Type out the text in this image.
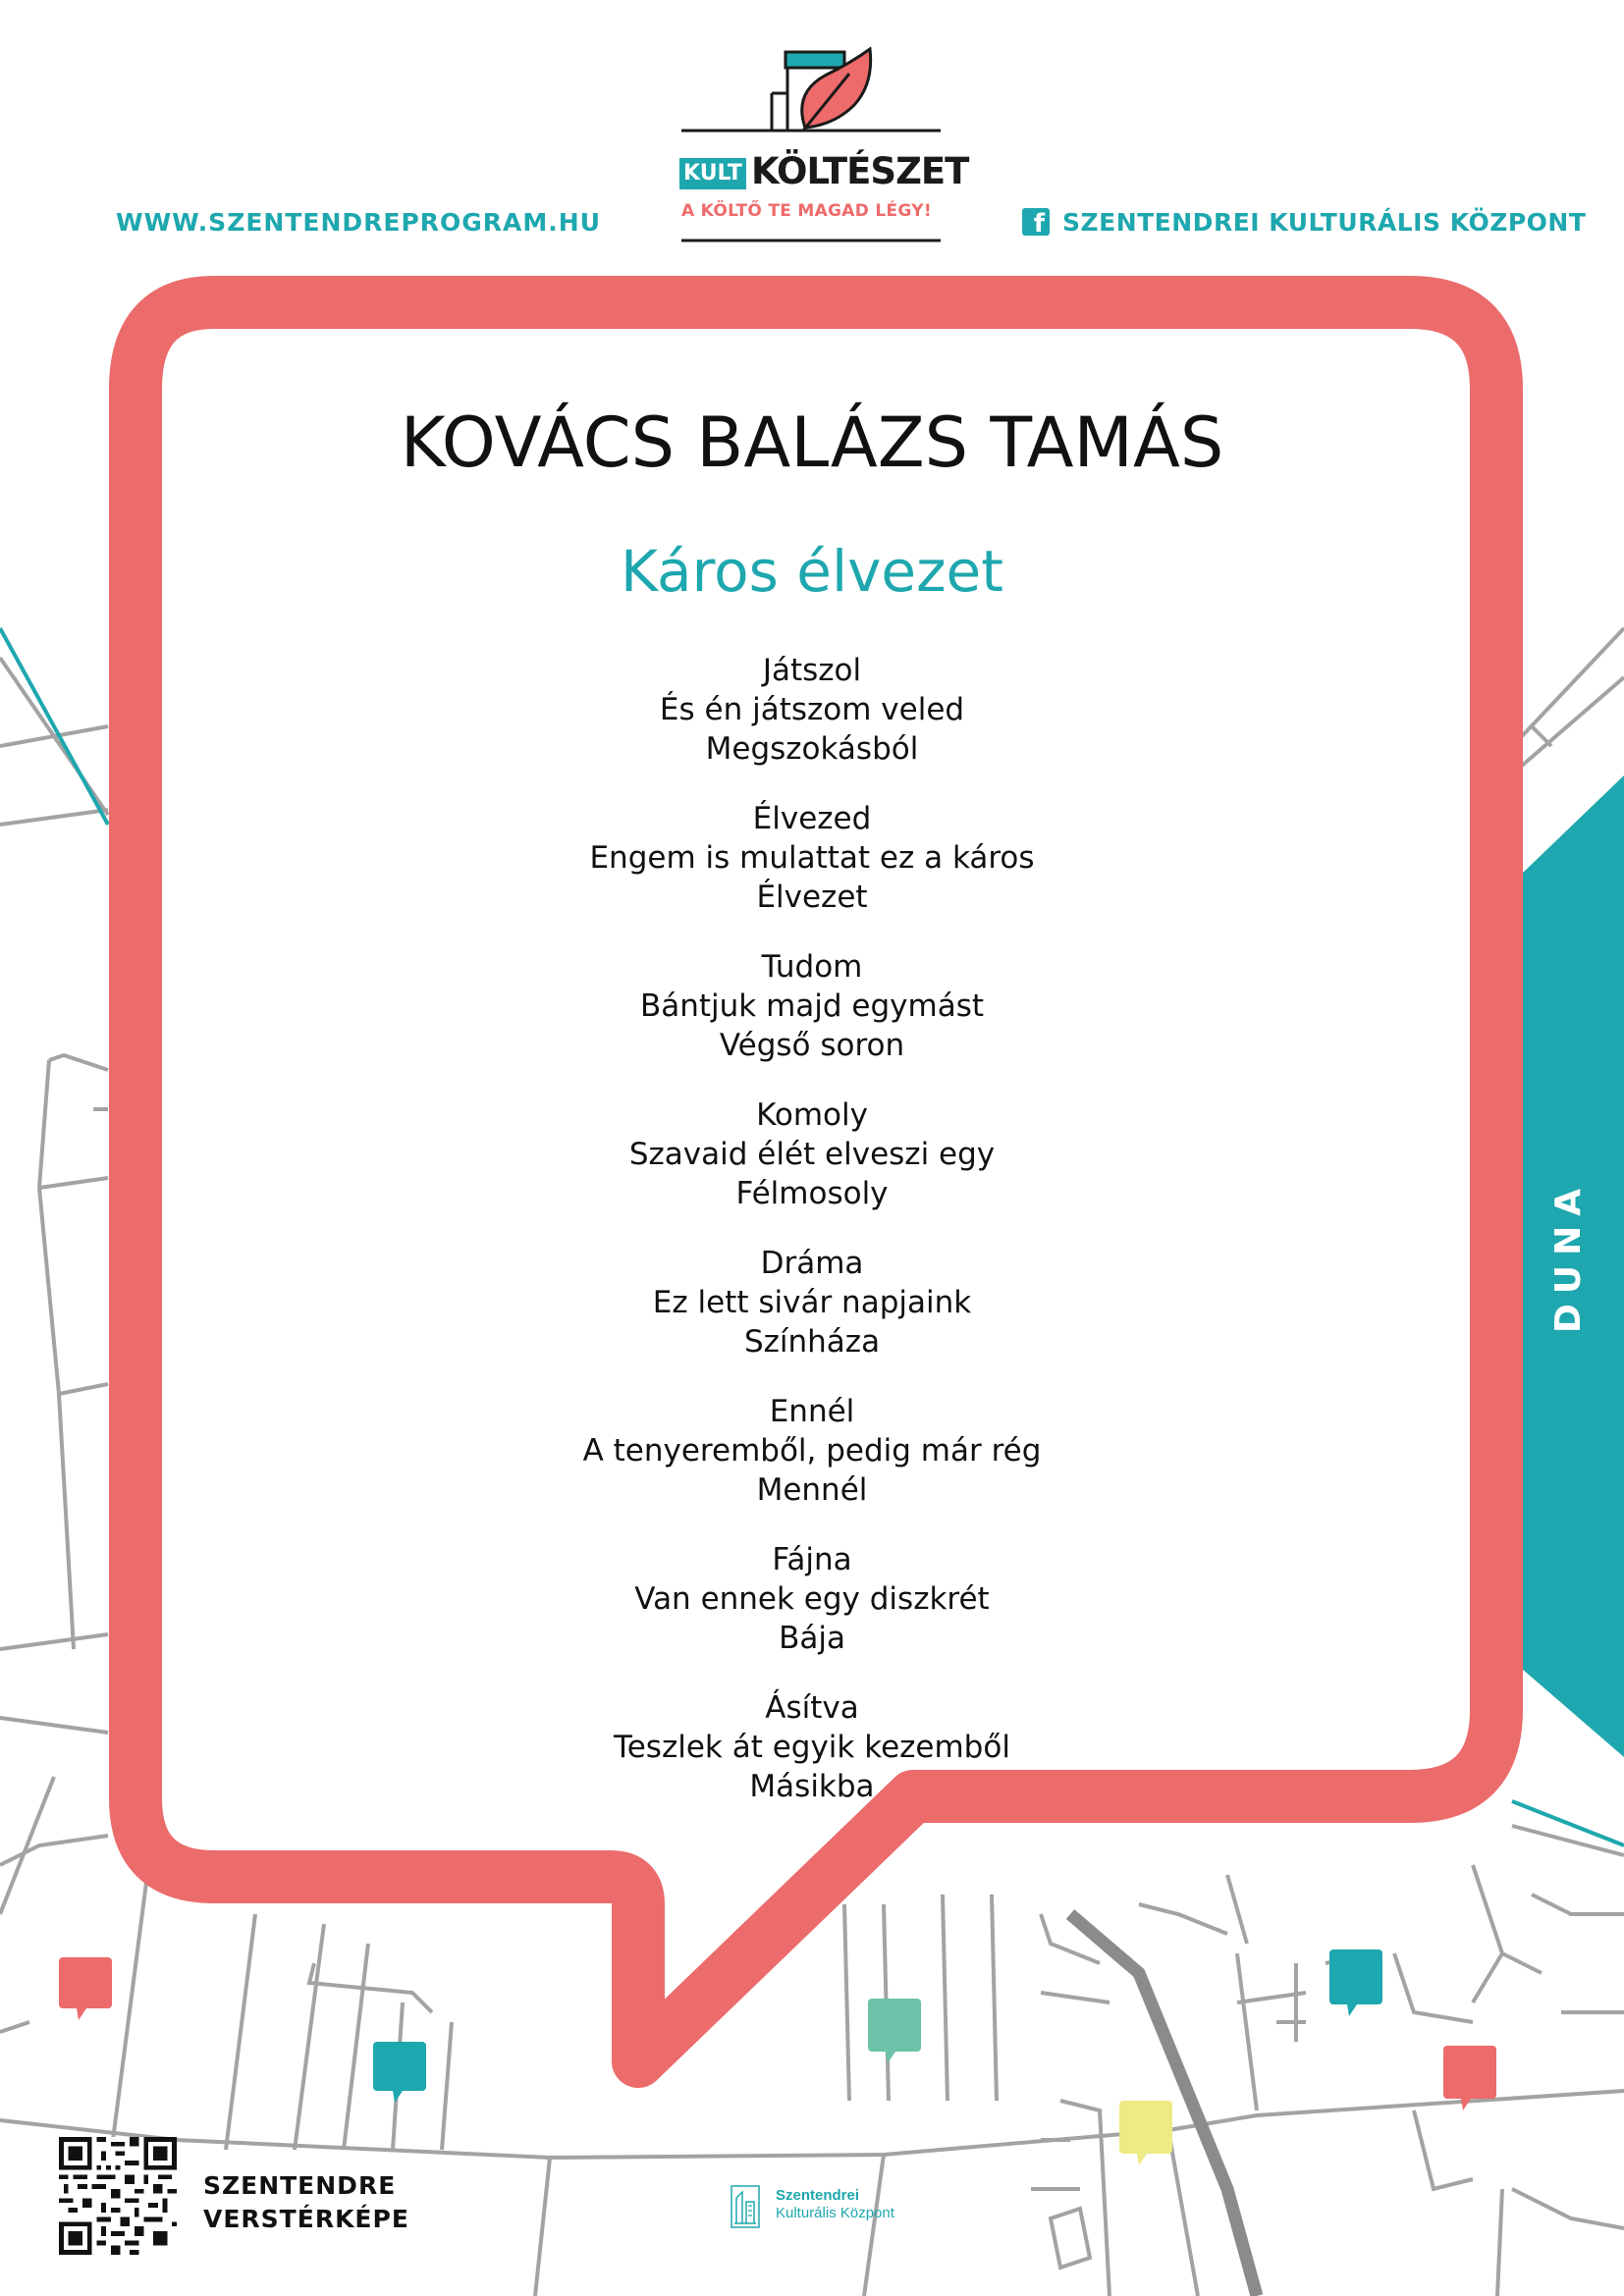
WWW.SZENTENDREPROGRAM.HU	f SZENTENDREI KULTURÁLIS KÖZPONT
KULT KÖLTÉSZET
A KÖLTŐ TE MAGAD LÉGY!
KOVÁCS BALÁZS TAMÁS
Káros élvezet
Játszol
És én játszom veled
Megszokásból
Élvezed
Engem is mulattat ez a káros
Élvezet
Tudom
Bántjuk majd egymást
Végső soron
Komoly
Szavaid élét elveszi egy
Félmosoly
Dráma
Ez lett sivár napjaink
Színháza
Ennél
A tenyeremből, pedig már rég
Mennél
Fájna
Van ennek egy diszkrét
Bája
Ásítva
Teszlek át egyik kezemből
Másikba
DUNA
SZENTENDRE
VERSTÉRKÉPE
Szentendrei
Kulturális Központ
